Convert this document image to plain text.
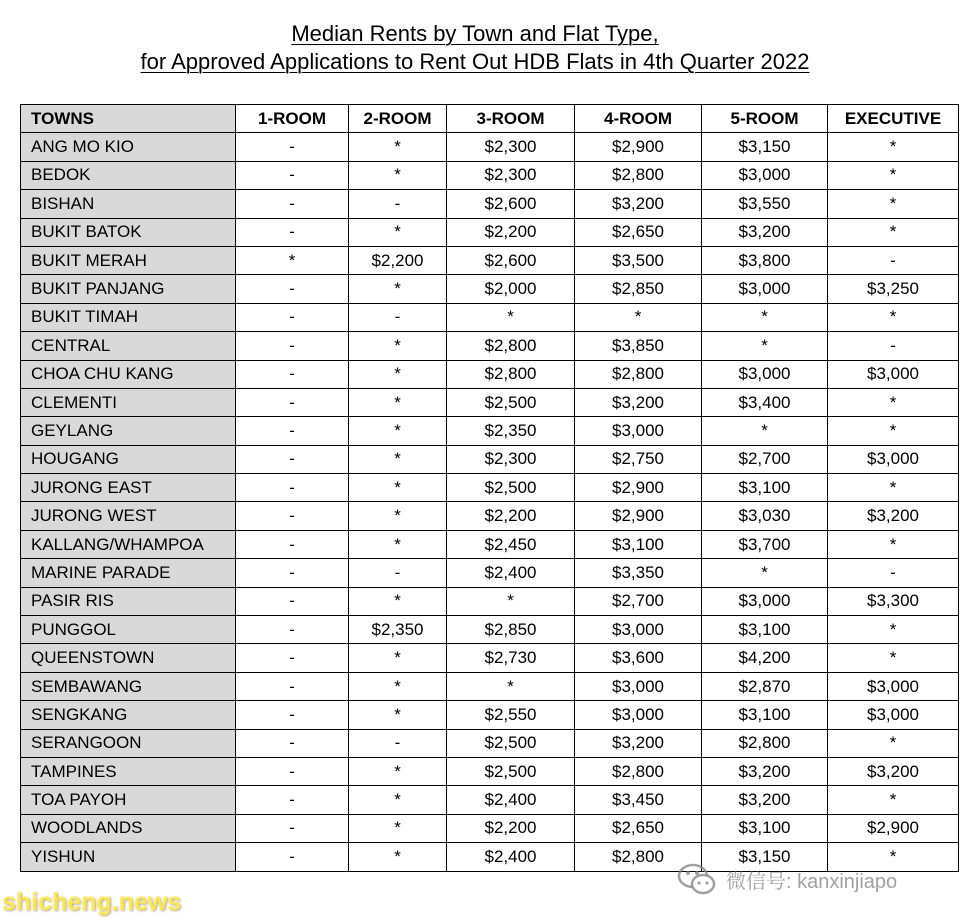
Median Rents by Town and Flat Type,
for Approved Applications to Rent Out HDB Flats in 4th Quarter 2022
TOWNS	1-ROOM	2-ROOM	3-ROOM	4-ROOM	5-ROOM	EXECUTIVE
ANG MO KIO	-	*	$2,300	$2,900	$3,150	*
BEDOK	-	*	$2,300	$2,800	$3,000	*
BISHAN	-	-	$2,600	$3,200	$3,550	*
BUKIT BATOK	-	*	$2,200	$2,650	$3,200	*
BUKIT MERAH	*	$2,200	$2,600	$3,500	$3,800	-
BUKIT PANJANG	-	*	$2,000	$2,850	$3,000	$3,250
BUKIT TIMAH	-	-	*	*	*	*
CENTRAL	-	*	$2,800	$3,850	*	-
CHOA CHU KANG	-	*	$2,800	$2,800	$3,000	$3,000
CLEMENTI	-	*	$2,500	$3,200	$3,400	*
GEYLANG	-	*	$2,350	$3,000	*	*
HOUGANG	-	*	$2,300	$2,750	$2,700	$3,000
JURONG EAST	-	*	$2,500	$2,900	$3,100	*
JURONG WEST	-	*	$2,200	$2,900	$3,030	$3,200
KALLANG/WHAMPOA	-	*	$2,450	$3,100	$3,700	*
MARINE PARADE	-	-	$2,400	$3,350	*	-
PASIR RIS	-	*	*	$2,700	$3,000	$3,300
PUNGGOL	-	$2,350	$2,850	$3,000	$3,100	*
QUEENSTOWN	-	*	$2,730	$3,600	$4,200	*
SEMBAWANG	-	*	*	$3,000	$2,870	$3,000
SENGKANG	-	*	$2,550	$3,000	$3,100	$3,000
SERANGOON	-	-	$2,500	$3,200	$2,800	*
TAMPINES	-	*	$2,500	$2,800	$3,200	$3,200
TOA PAYOH	-	*	$2,400	$3,450	$3,200	*
WOODLANDS	-	*	$2,200	$2,650	$3,100	$2,900
YISHUN	-	*	$2,400	$2,800	$3,150	*
shicheng.news
微信号: kanxinjiapo
